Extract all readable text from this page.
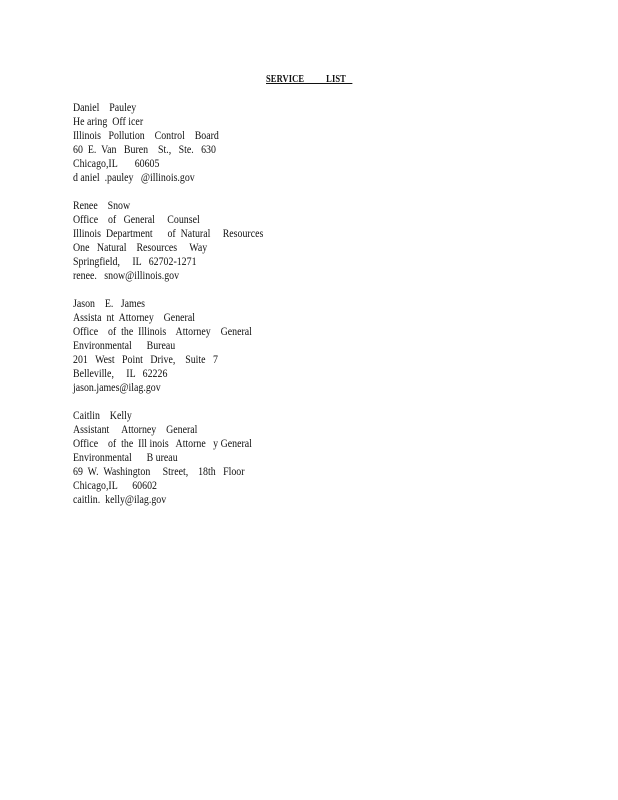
SERVICE          LIST
Daniel    Pauley
He aring  Off icer
Illinois   Pollution    Control    Board
60  E.  Van   Buren    St.,   Ste.   630
Chicago,IL       60605
d aniel  .pauley   @illinois.gov
Renee    Snow
Office    of   General     Counsel
Illinois  Department      of  Natural     Resources
One   Natural    Resources     Way
Springfield,     IL   62702-1271
renee.   snow@illinois.gov
Jason    E.   James
Assista  nt  Attorney    General
Office    of  the  Illinois    Attorney    General
Environmental      Bureau
201   West   Point   Drive,    Suite   7
Belleville,     IL   62226
jason.james@ilag.gov
Caitlin    Kelly
Assistant     Attorney    General
Office    of  the  Ill inois   Attorne   y General
Environmental      B ureau
69  W.  Washington     Street,    18th   Floor
Chicago,IL      60602
caitlin.  kelly@ilag.gov
